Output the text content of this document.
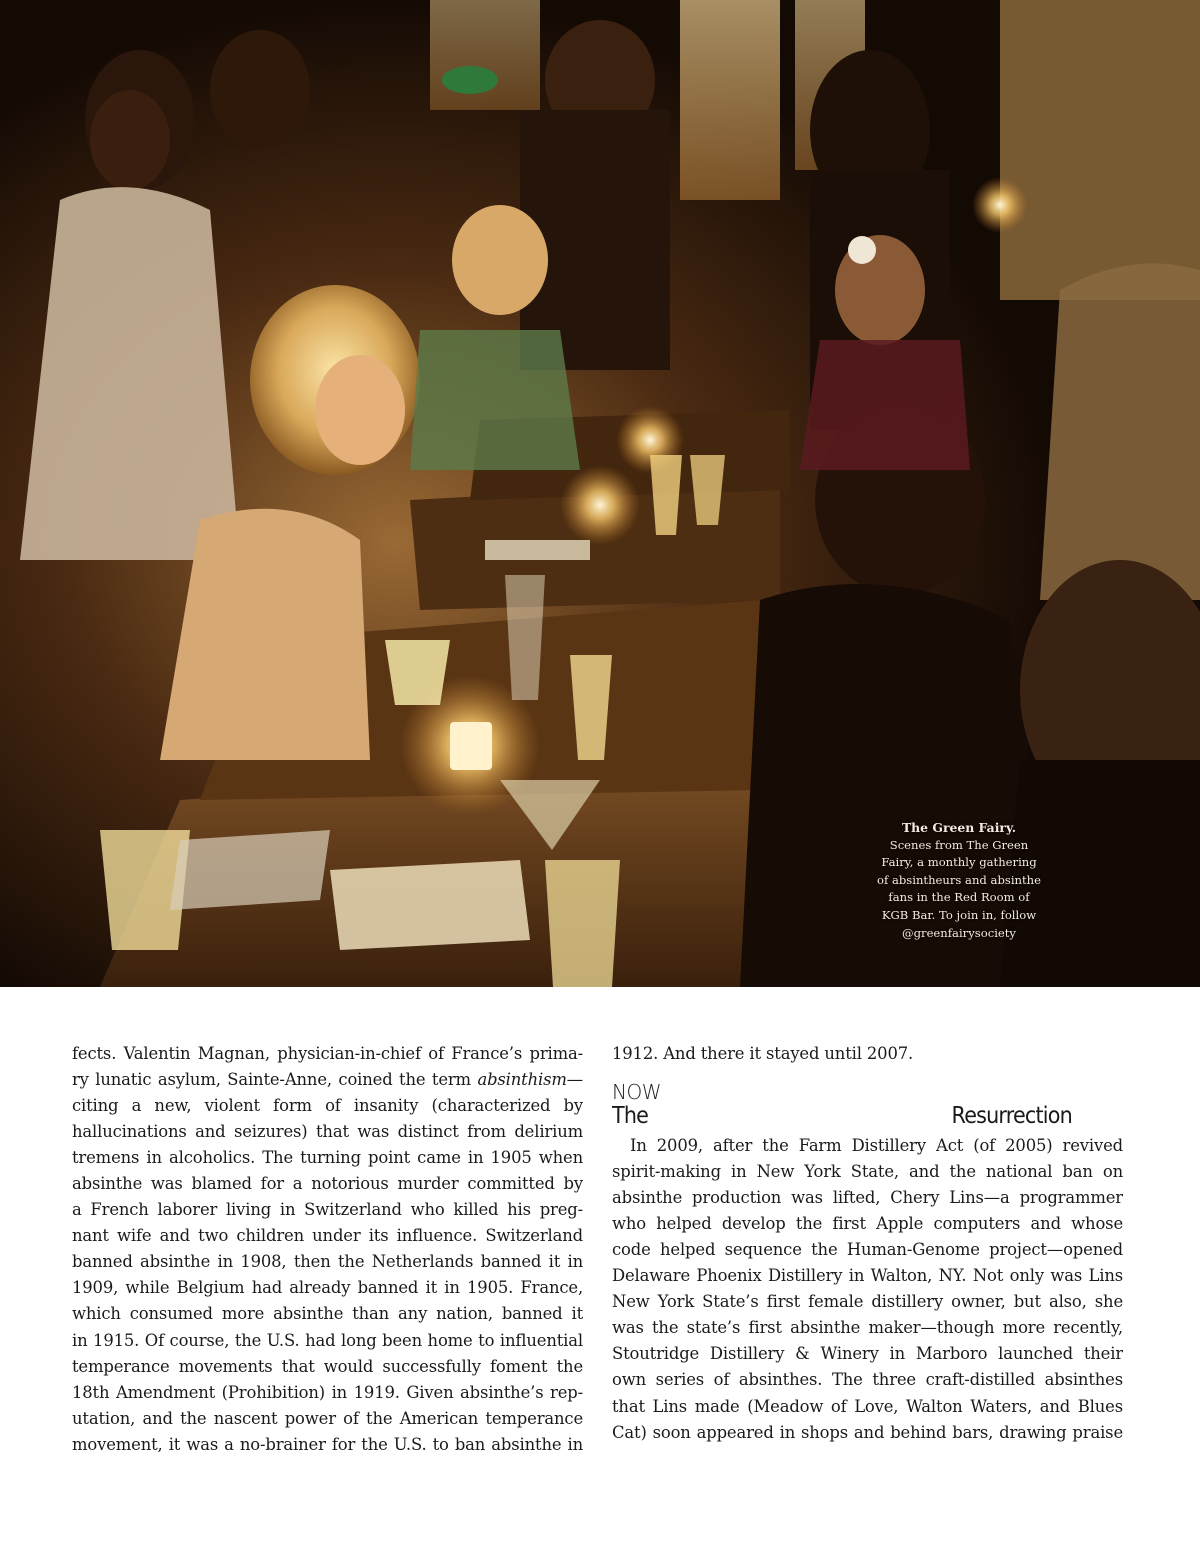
The Green Fairy.
Scenes from The Green
Fairy, a monthly gathering
of absintheurs and absinthe
fans in the Red Room of
KGB Bar. To join in, follow
@greenfairysociety
fects. Valentin Magnan, physician-in-chief of France’s prima-
ry lunatic asylum, Sainte-Anne, coined the term absinthism—
citing a new, violent form of insanity (characterized by
hallucinations and seizures) that was distinct from delirium
tremens in alcoholics. The turning point came in 1905 when
absinthe was blamed for a notorious murder committed by
a French laborer living in Switzerland who killed his preg-
nant wife and two children under its influence. Switzerland
banned absinthe in 1908, then the Netherlands banned it in
1909, while Belgium had already banned it in 1905. France,
which consumed more absinthe than any nation, banned it
in 1915. Of course, the U.S. had long been home to influential
temperance movements that would successfully foment the
18th Amendment (Prohibition) in 1919. Given absinthe’s rep-
utation, and the nascent power of the American temperance
movement, it was a no-brainer for the U.S. to ban absinthe in
1912. And there it stayed until 2007.
NOW
The Resurrection
In 2009, after the Farm Distillery Act (of 2005) revived
spirit-making in New York State, and the national ban on
absinthe production was lifted, Chery Lins—a programmer
who helped develop the first Apple computers and whose
code helped sequence the Human-Genome project—opened
Delaware Phoenix Distillery in Walton, NY. Not only was Lins
New York State’s first female distillery owner, but also, she
was the state’s first absinthe maker—though more recently,
Stoutridge Distillery & Winery in Marboro launched their
own series of absinthes. The three craft-distilled absinthes
that Lins made (Meadow of Love, Walton Waters, and Blues
Cat) soon appeared in shops and behind bars, drawing praise
